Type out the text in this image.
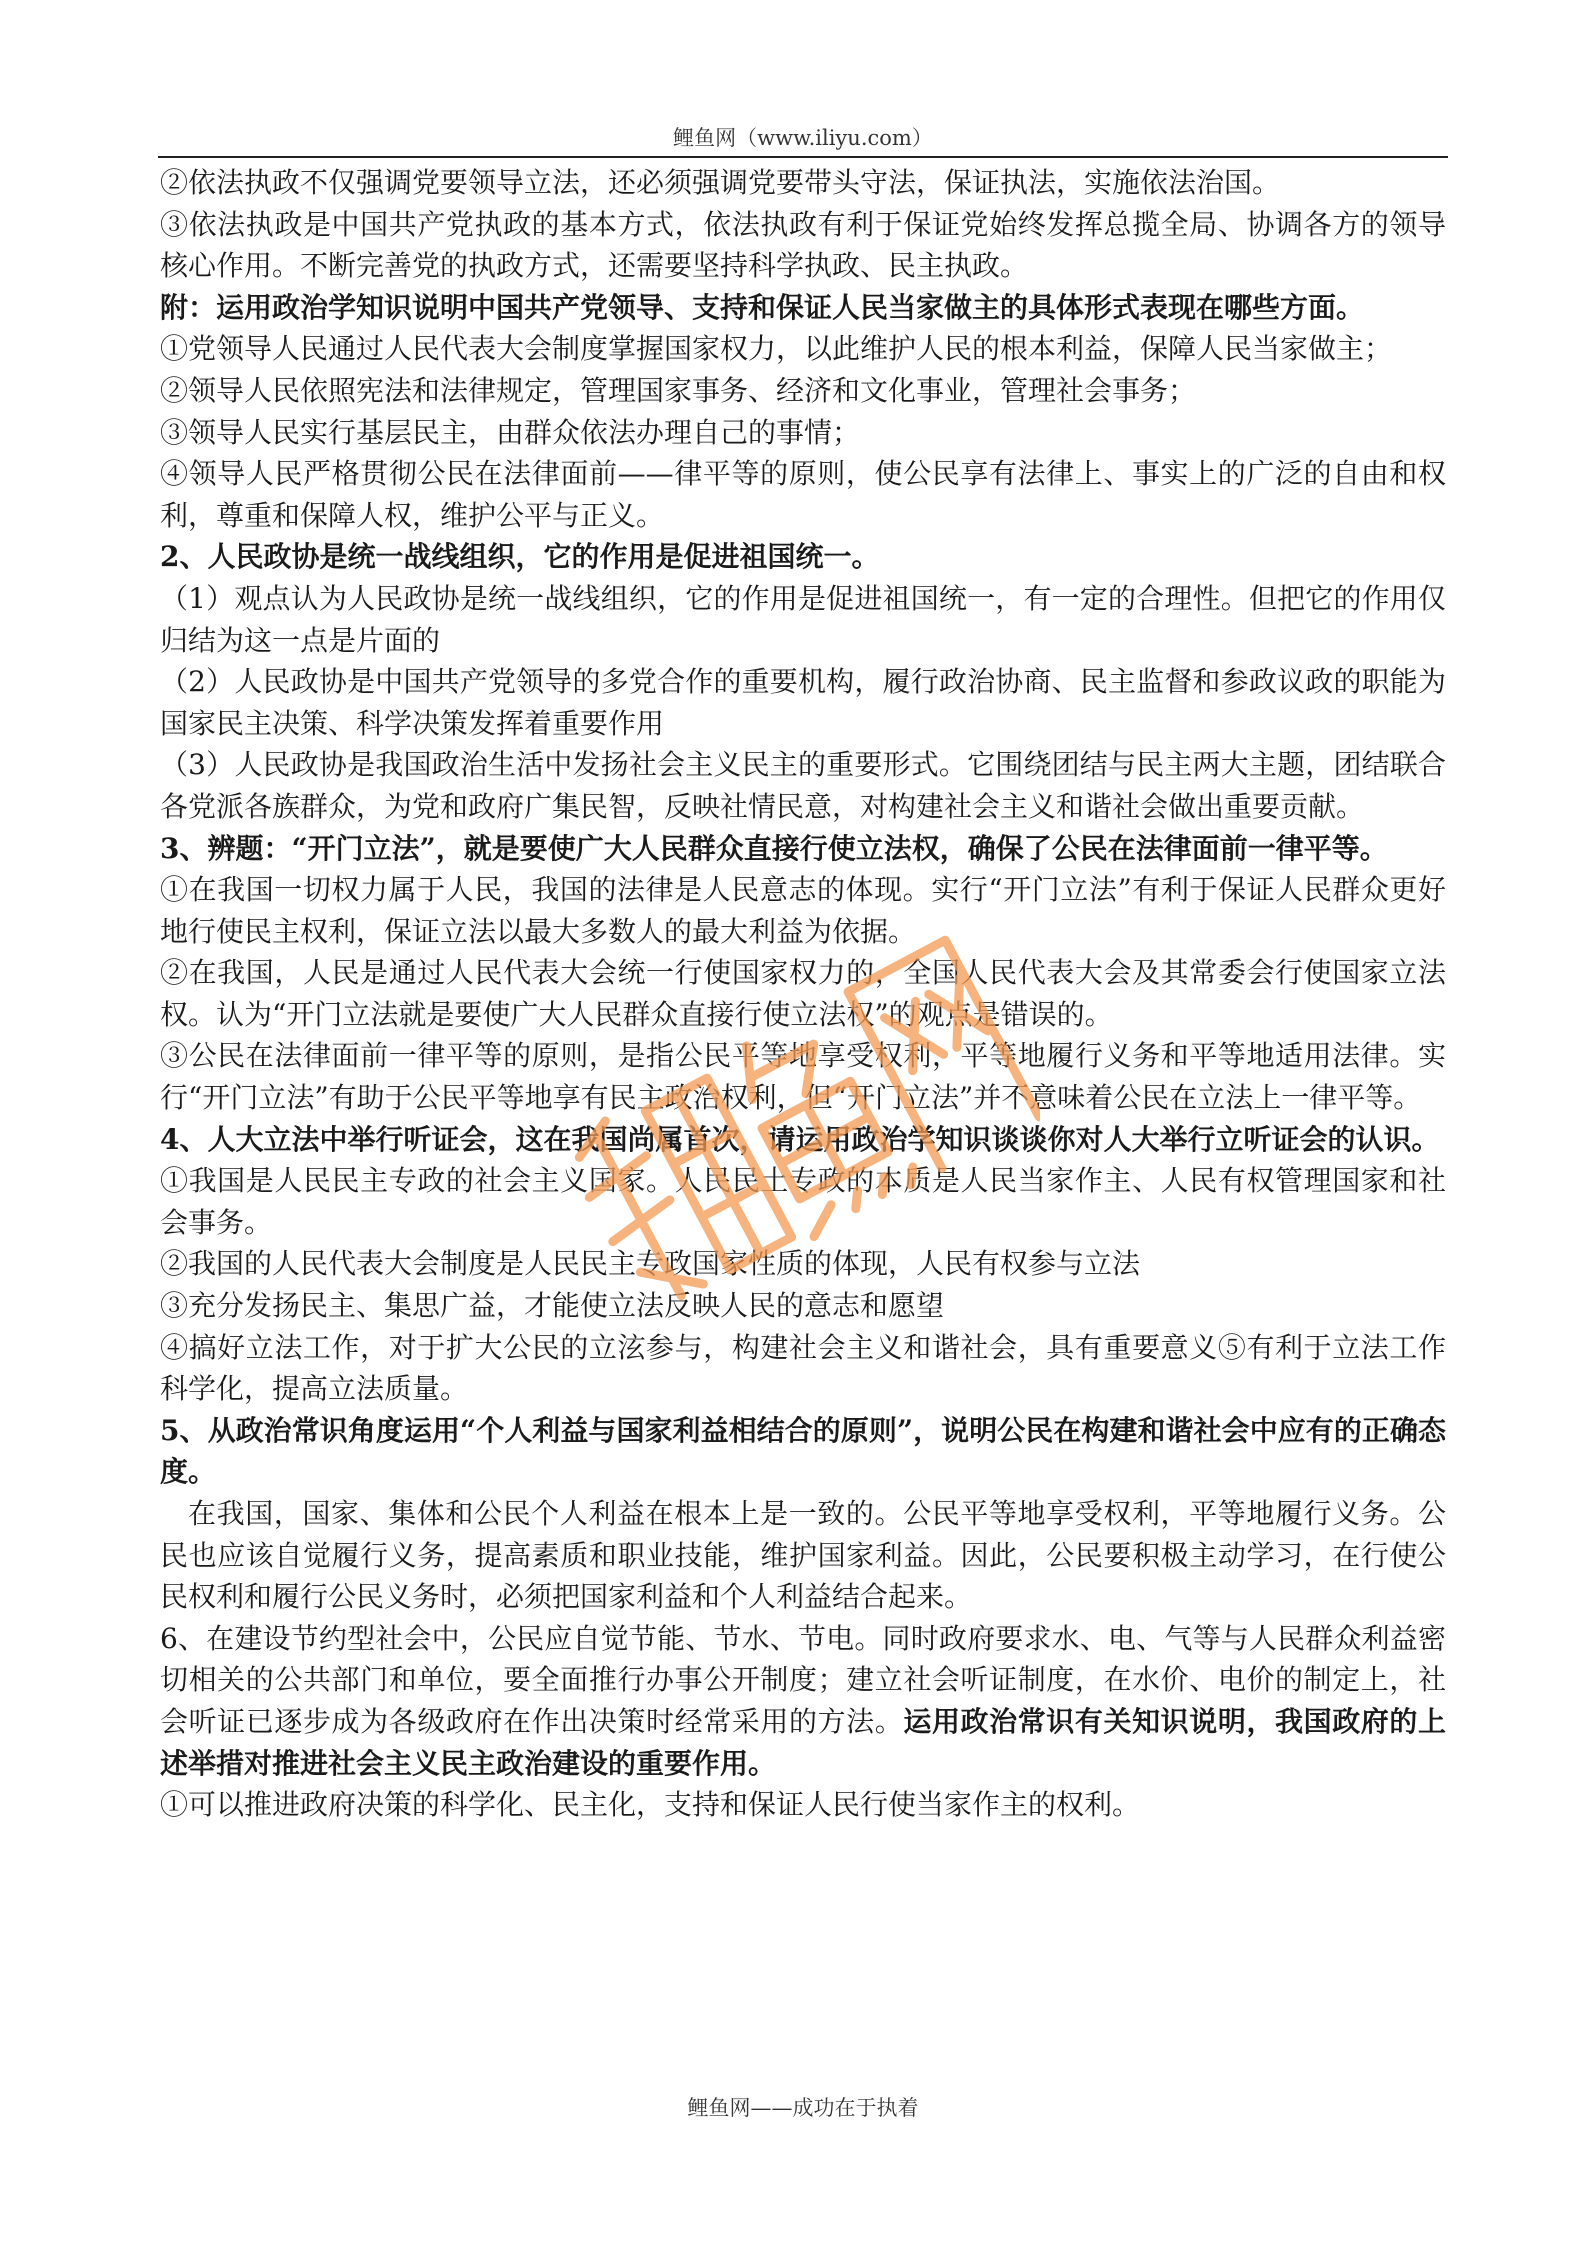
鲤鱼网（www.iliyu.com）

②依法执政不仅强调党要领导立法，还必须强调党要带头守法，保证执法，实施依法治国。

③依法执政是中国共产党执政的基本方式，依法执政有利于保证党始终发挥总揽全局、协调各方的领导核心作用。不断完善党的执政方式，还需要坚持科学执政、民主执政。

附：运用政治学知识说明中国共产党领导、支持和保证人民当家做主的具体形式表现在哪些方面。

①党领导人民通过人民代表大会制度掌握国家权力，以此维护人民的根本利益，保障人民当家做主；

②领导人民依照宪法和法律规定，管理国家事务、经济和文化事业，管理社会事务；

③领导人民实行基层民主，由群众依法办理自己的事情；

④领导人民严格贯彻公民在法律面前——律平等的原则，使公民享有法律上、事实上的广泛的自由和权利，尊重和保障人权，维护公平与正义。

2、人民政协是统一战线组织，它的作用是促进祖国统一。

（1）观点认为人民政协是统一战线组织，它的作用是促进祖国统一，有一定的合理性。但把它的作用仅归结为这一点是片面的

（2）人民政协是中国共产党领导的多党合作的重要机构，履行政治协商、民主监督和参政议政的职能为国家民主决策、科学决策发挥着重要作用

（3）人民政协是我国政治生活中发扬社会主义民主的重要形式。它围绕团结与民主两大主题，团结联合各党派各族群众，为党和政府广集民智，反映社情民意，对构建社会主义和谐社会做出重要贡献。

3、辨题：“开门立法”，就是要使广大人民群众直接行使立法权，确保了公民在法律面前一律平等。

①在我国一切权力属于人民，我国的法律是人民意志的体现。实行“开门立法”有利于保证人民群众更好地行使民主权利，保证立法以最大多数人的最大利益为依据。

②在我国，人民是通过人民代表大会统一行使国家权力的，全国人民代表大会及其常委会行使国家立法权。认为“开门立法就是要使广大人民群众直接行使立法权”的观点是错误的。

③公民在法律面前一律平等的原则，是指公民平等地享受权利，平等地履行义务和平等地适用法律。实行“开门立法”有助于公民平等地享有民主政治权利，但“开门立法”并不意味着公民在立法上一律平等。

4、人大立法中举行听证会，这在我国尚属首次，请运用政治学知识谈谈你对人大举行立听证会的认识。

①我国是人民民主专政的社会主义国家。人民民土专政的本质是人民当家作主、人民有权管理国家和社会事务。

②我国的人民代表大会制度是人民民主专政国家性质的体现，人民有权参与立法

③充分发扬民主、集思广益，才能使立法反映人民的意志和愿望

④搞好立法工作，对于扩大公民的立泫参与，构建社会主义和谐社会，具有重要意义⑤有利于立法工作科学化，提高立法质量。

5、从政治常识角度运用“个人利益与国家利益相结合的原则”，说明公民在构建和谐社会中应有的正确态度。

在我国，国家、集体和公民个人利益在根本上是一致的。公民平等地享受权利，平等地履行义务。公民也应该自觉履行义务，提高素质和职业技能，维护国家利益。因此，公民要积极主动学习，在行使公民权利和履行公民义务时，必须把国家利益和个人利益结合起来。

6、在建设节约型社会中，公民应自觉节能、节水、节电。同时政府要求水、电、气等与人民群众利益密切相关的公共部门和单位，要全面推行办事公开制度；建立社会听证制度，在水价、电价的制定上，社会听证已逐步成为各级政府在作出决策时经常采用的方法。运用政治常识有关知识说明，我国政府的上述举措对推进社会主义民主政治建设的重要作用。

①可以推进政府决策的科学化、民主化，支持和保证人民行使当家作主的权利。

鲤鱼网——成功在于执着
